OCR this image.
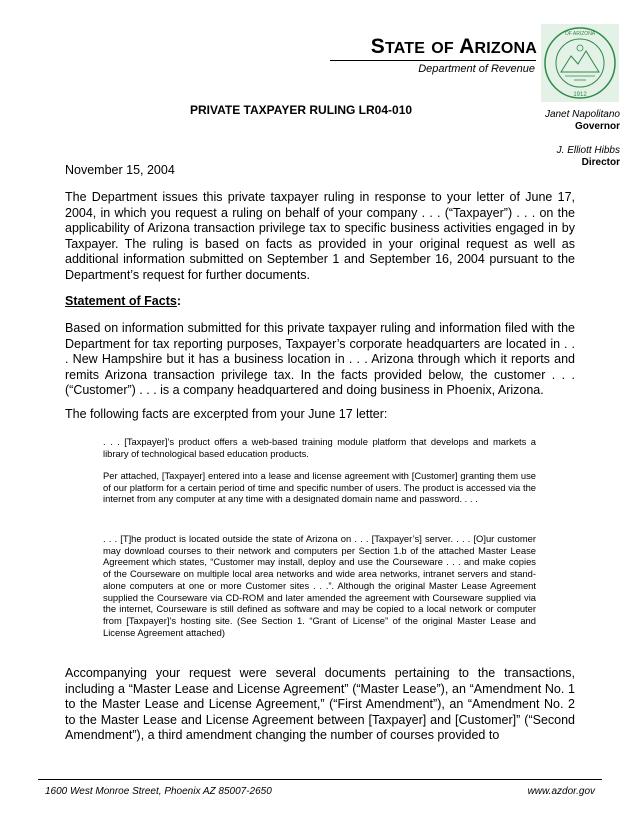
STATE OF ARIZONA
Department of Revenue
1912
OF ARIZONA
PRIVATE TAXPAYER RULING LR04-010	Janet Napolitano
Governor
J. Elliott Hibbs
Director
November 15, 2004

The Department issues this private taxpayer ruling in response to your letter of June 17, 2004, in which you request a ruling on behalf of your company . . . (“Taxpayer”) . . . on the applicability of Arizona transaction privilege tax to specific business activities engaged in by Taxpayer. The ruling is based on facts as provided in your original request as well as additional information submitted on September 1 and September 16, 2004 pursuant to the Department’s request for further documents.

Statement of Facts:

Based on information submitted for this private taxpayer ruling and information filed with the Department for tax reporting purposes, Taxpayer’s corporate headquarters are located in . . . New Hampshire but it has a business location in . . . Arizona through which it reports and remits Arizona transaction privilege tax. In the facts provided below, the customer . . . (“Customer”) . . . is a company headquartered and doing business in Phoenix, Arizona.

The following facts are excerpted from your June 17 letter:

. . . [Taxpayer]’s product offers a web-based training module platform that develops and markets a library of technological based education products.

Per attached, [Taxpayer] entered into a lease and license agreement with [Customer] granting them use of our platform for a certain period of time and specific number of users. The product is accessed via the internet from any computer at any time with a designated domain name and password. . . .

. . . [T]he product is located outside the state of Arizona on . . . [Taxpayer’s] server. . . . [O]ur customer may download courses to their network and computers per Section 1.b of the attached Master Lease Agreement which states, “Customer may install, deploy and use the Courseware . . . and make copies of the Courseware on multiple local area networks and wide area networks, intranet servers and stand-alone computers at one or more Customer sites . . .”. Although the original Master Lease Agreement supplied the Courseware via CD-ROM and later amended the agreement with Courseware supplied via the internet, Courseware is still defined as software and may be copied to a local network or computer from [Taxpayer]’s hosting site. (See Section 1. “Grant of License” of the original Master Lease and License Agreement attached)

Accompanying your request were several documents pertaining to the transactions, including a “Master Lease and License Agreement” (“Master Lease”), an “Amendment No. 1 to the Master Lease and License Agreement,” (“First Amendment”), an “Amendment No. 2 to the Master Lease and License Agreement between [Taxpayer] and [Customer]” (“Second Amendment”), a third amendment changing the number of courses provided to

1600 West Monroe Street, Phoenix AZ 85007-2650	www.azdor.gov
